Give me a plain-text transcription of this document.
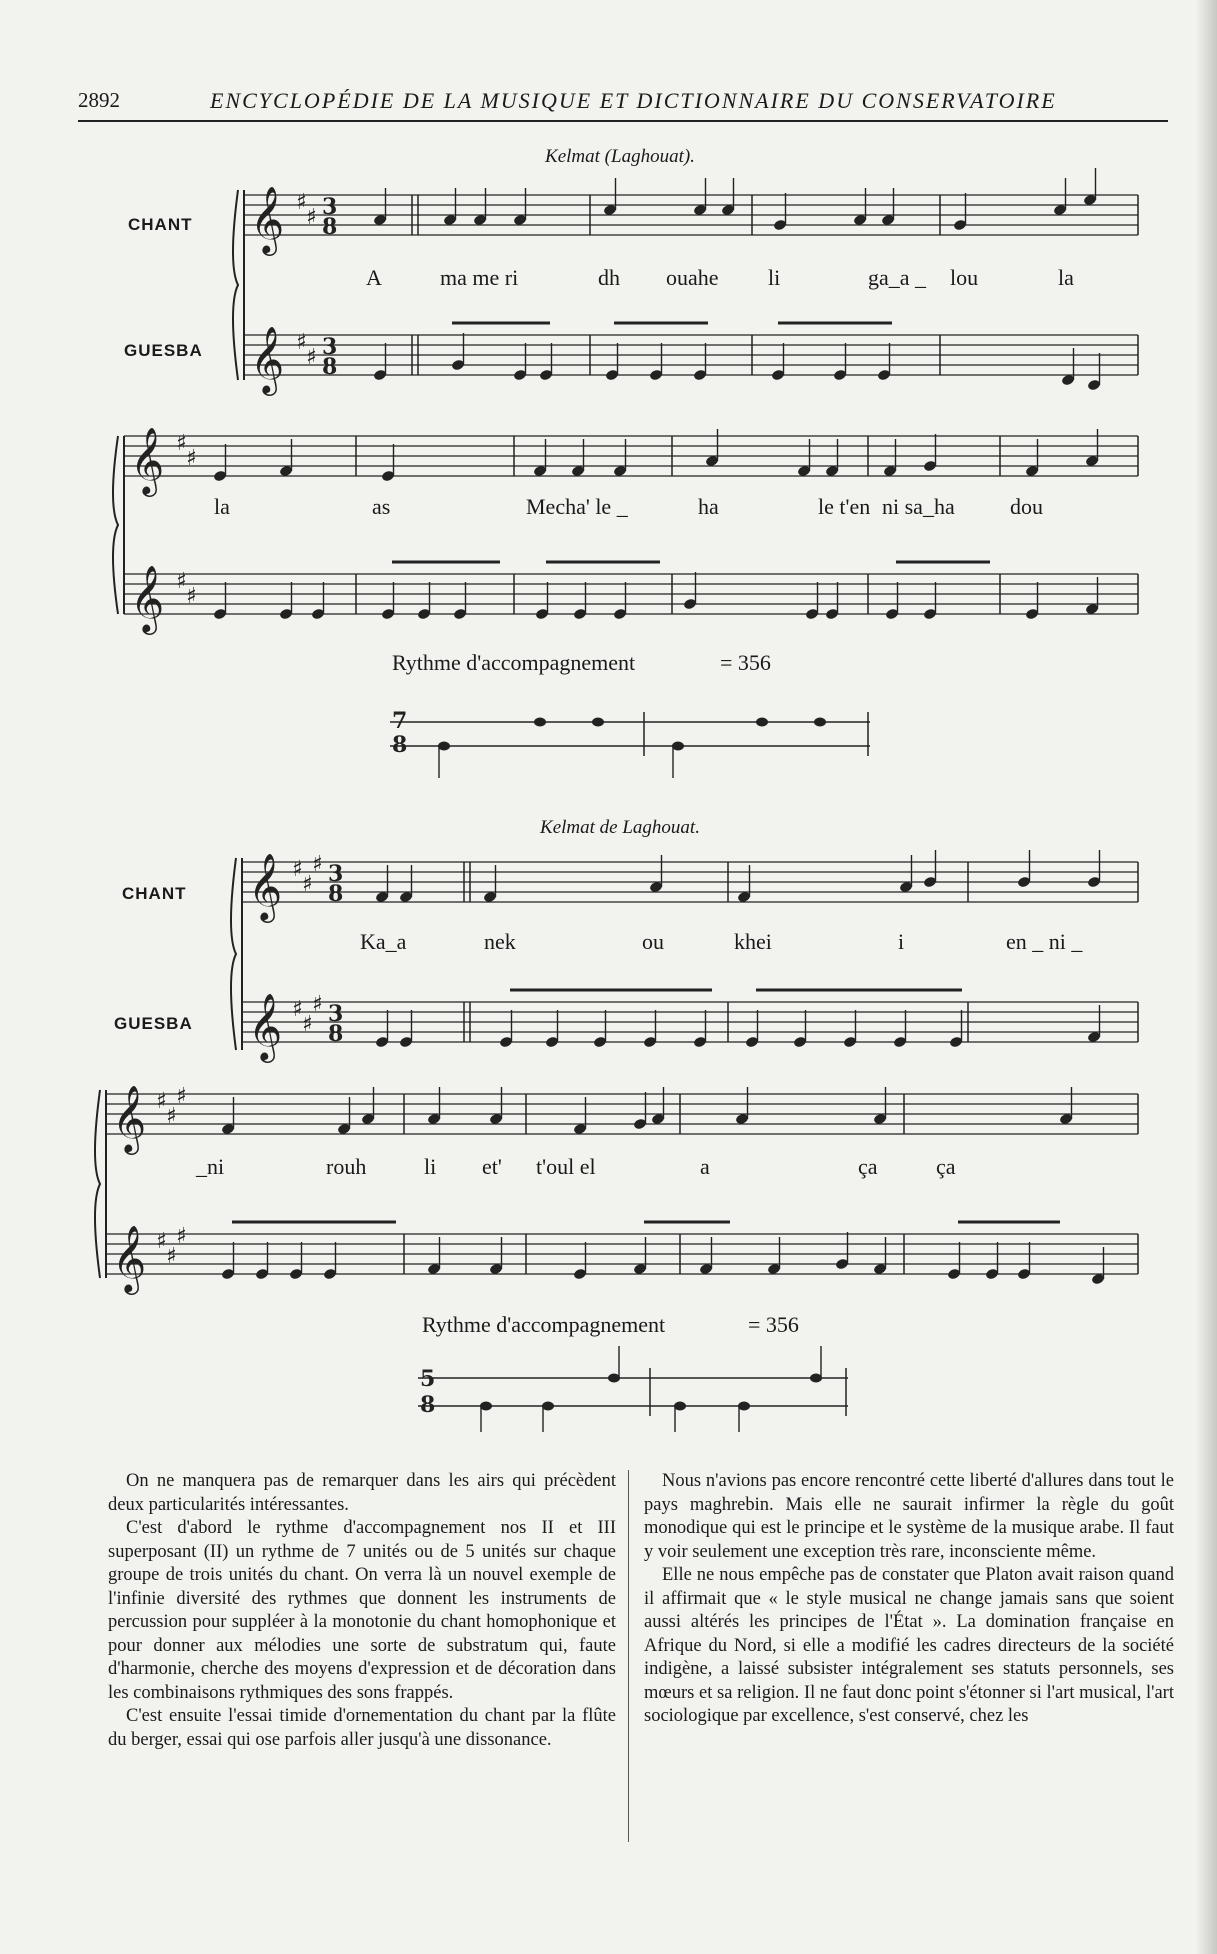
2892	ENCYCLOPÉDIE DE LA MUSIQUE ET DICTIONNAIRE DU CONSERVATOIRE
𝄞 ♯
♯ 3
8
𝄞 ♯
♯ 3
8
𝄞 ♯
♯
𝄞 ♯
♯
7
8
𝄞 ♯
♯
♯ 3
8
𝄞 ♯
♯
♯ 3
8
𝄞 ♯
♯
♯
𝄞 ♯
♯
♯
5
8
Kelmat (Laghouat).
CHANT
GUESBA
A	ma me ri	dh ouahe li	ga_a _ lou	la
la	as	Mecha' le _	ha	le t'en ni sa_ha	dou
Rythme d'accompagnement	= 356
Kelmat de Laghouat.
CHANT
GUESBA
Ka_a	nek	ou	khei	i	en _ ni _
_ni	rouh	li et' t'oul el	a	ça	ça
Rythme d'accompagnement	= 356

On ne manquera pas de remarquer dans les airs qui précèdent deux particularités intéressantes.

C'est d'abord le rythme d'accompagnement nos II et III superposant (II) un rythme de 7 unités ou de 5 unités sur chaque groupe de trois unités du chant. On verra là un nouvel exemple de l'infinie diversité des rythmes que donnent les instruments de percussion pour suppléer à la monotonie du chant homophonique et pour donner aux mélodies une sorte de substratum qui, faute d'harmonie, cherche des moyens d'expression et de décoration dans les combinaisons rythmiques des sons frappés.

C'est ensuite l'essai timide d'ornementation du chant par la flûte du berger, essai qui ose parfois aller jusqu'à une dissonance.

Nous n'avions pas encore rencontré cette liberté d'allures dans tout le pays maghrebin. Mais elle ne saurait infirmer la règle du goût monodique qui est le principe et le système de la musique arabe. Il faut y voir seulement une exception très rare, inconsciente même.

Elle ne nous empêche pas de constater que Platon avait raison quand il affirmait que « le style musical ne change jamais sans que soient aussi altérés les principes de l'État ». La domination française en Afrique du Nord, si elle a modifié les cadres directeurs de la société indigène, a laissé subsister intégralement ses statuts personnels, ses mœurs et sa religion. Il ne faut donc point s'étonner si l'art musical, l'art sociologique par excellence, s'est conservé, chez les
